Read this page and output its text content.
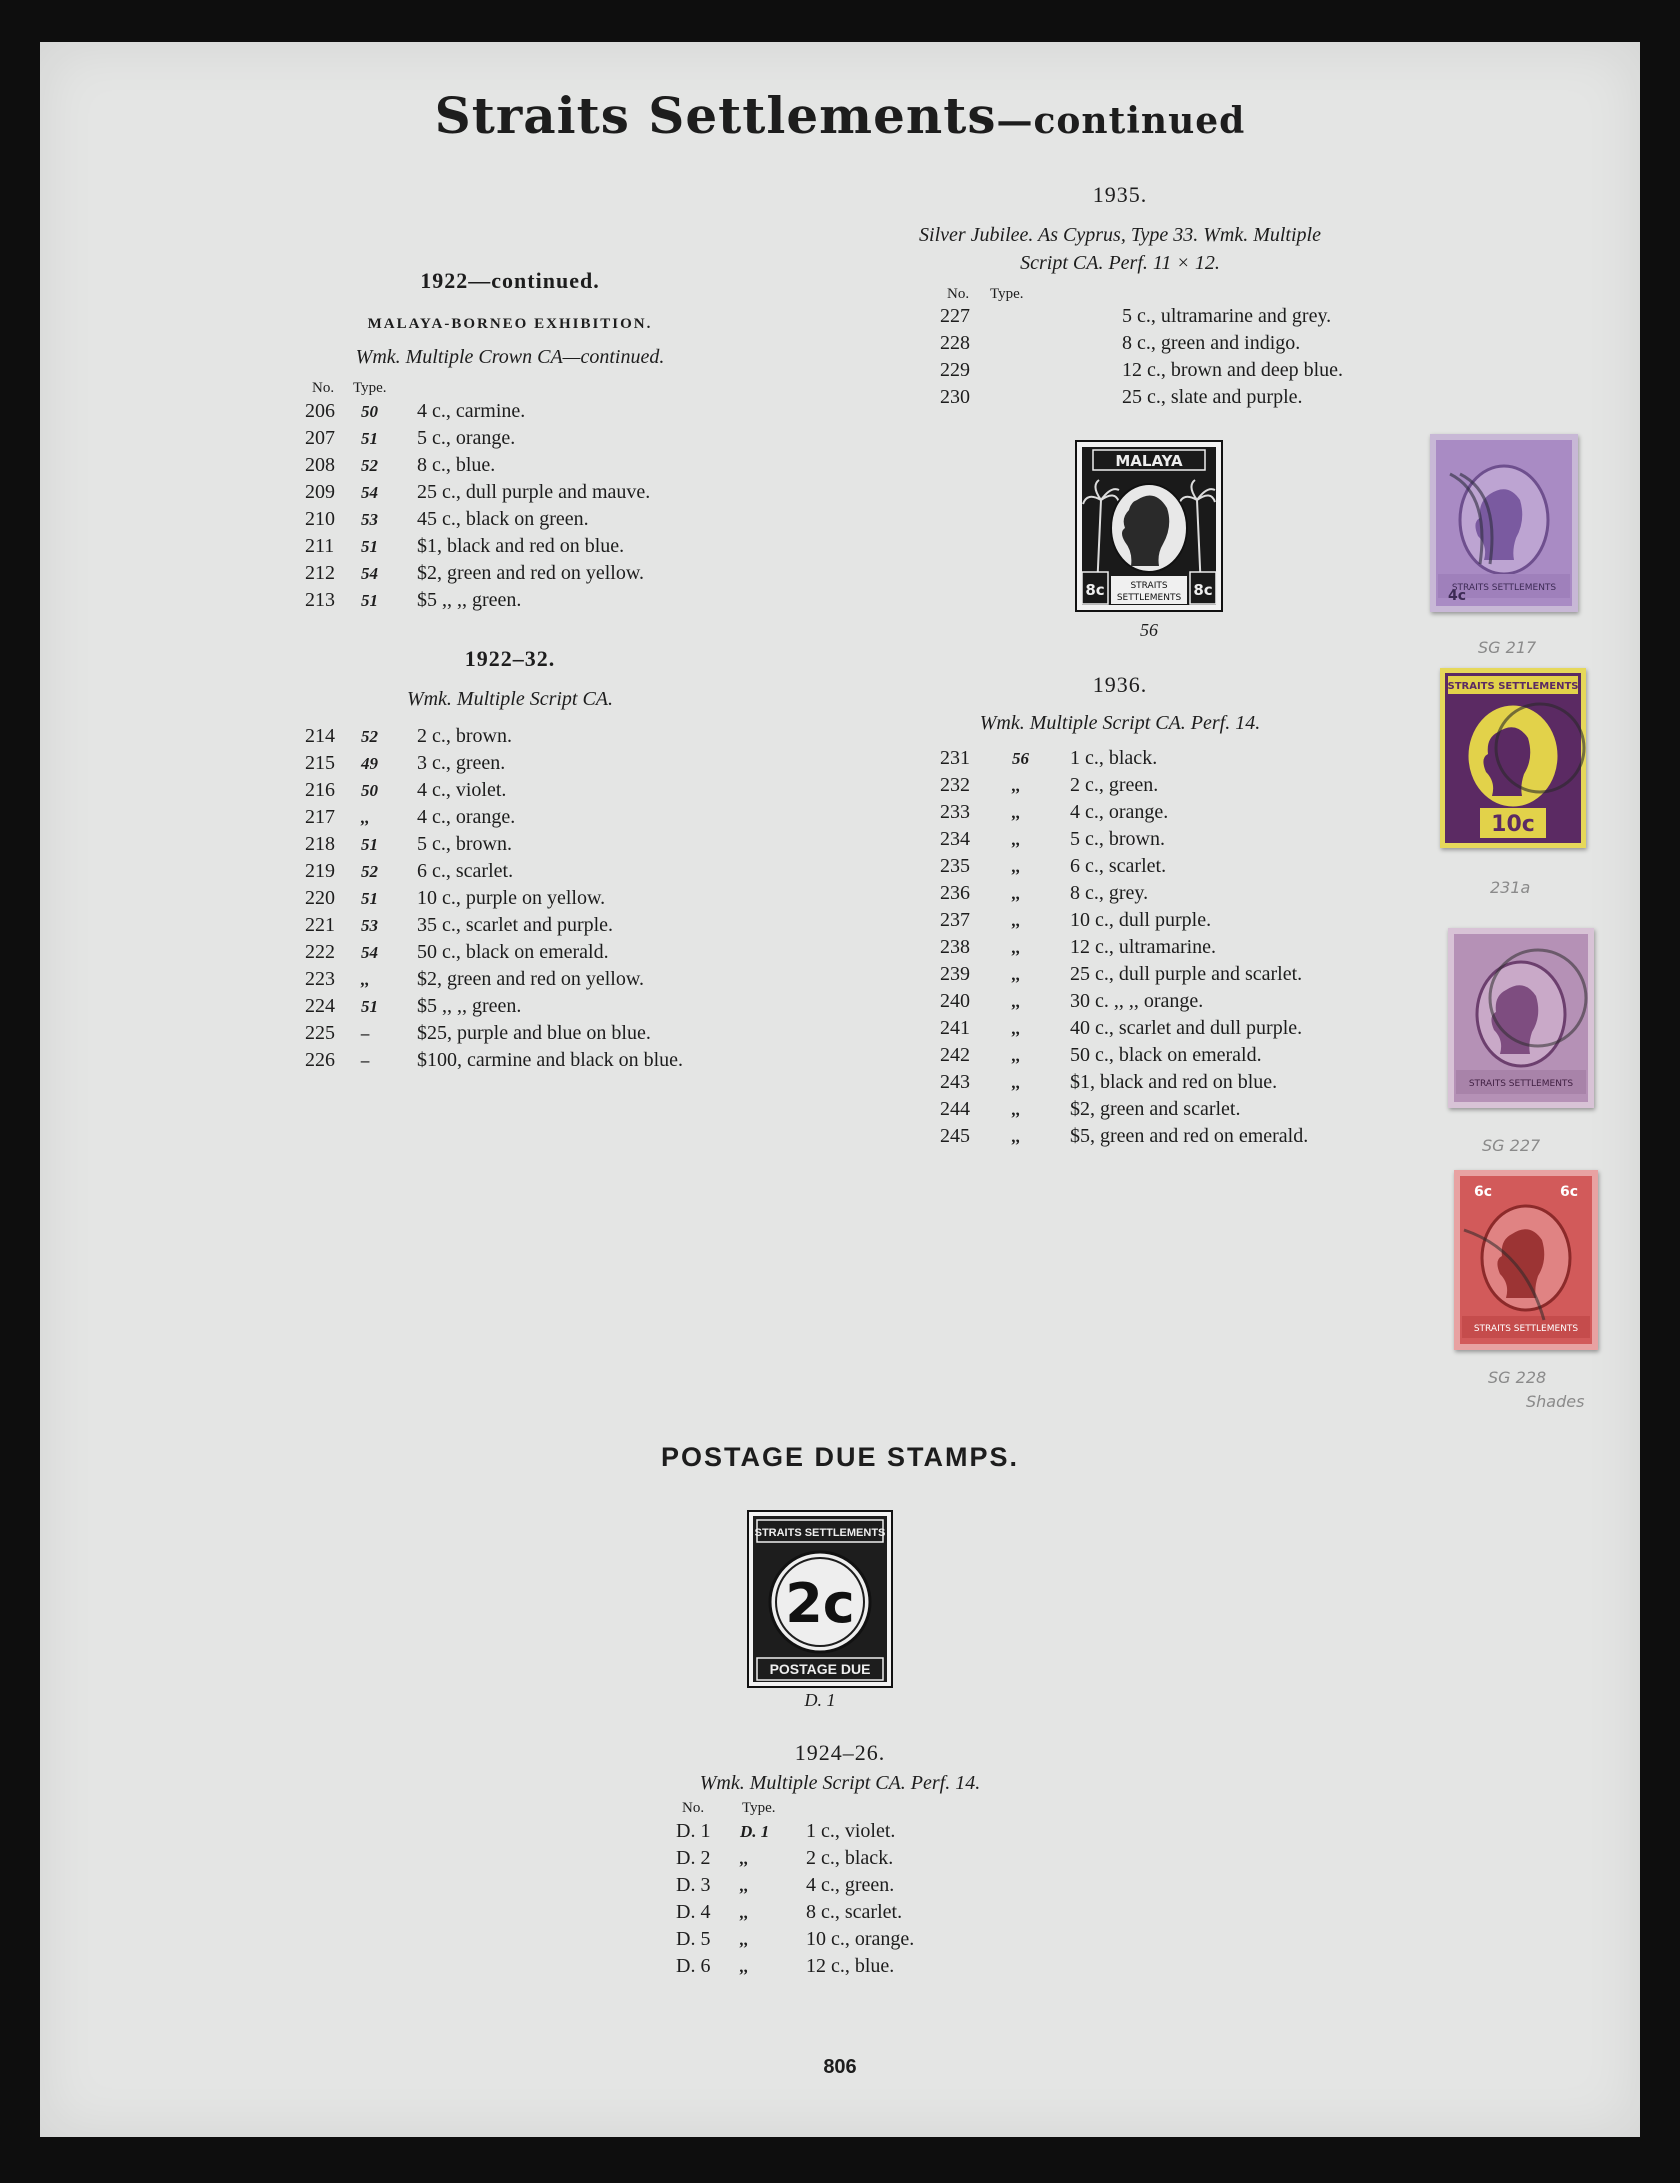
Straits Settlements—continued
1922—continued.
MALAYA-BORNEO EXHIBITION.
Wmk. Multiple Crown CA—continued.
No. Type.
206	50	4 c., carmine.
207	51	5 c., orange.
208	52	8 c., blue.
209	54	25 c., dull purple and mauve.
210	53	45 c., black on green.
211	51	$1, black and red on blue.
212	54	$2, green and red on yellow.
213	51	$5 ,, ,, green.
1922–32.
Wmk. Multiple Script CA.
214	52	2 c., brown.
215	49	3 c., green.
216	50	4 c., violet.
217	,,	4 c., orange.
218	51	5 c., brown.
219	52	6 c., scarlet.
220	51	10 c., purple on yellow.
221	53	35 c., scarlet and purple.
222	54	50 c., black on emerald.
223	,,	$2, green and red on yellow.
224	51	$5 ,, ,, green.
225	–	$25, purple and blue on blue.
226	–	$100, carmine and black on blue.
1935.
Silver Jubilee. As Cyprus, Type 33. Wmk. Multiple
Script CA. Perf. 11 × 12.
No. Type.
227		5 c., ultramarine and grey.
228		8 c., green and indigo.
229		12 c., brown and deep blue.
230		25 c., slate and purple.
MALAYA
8c	8c
STRAITS
SETTLEMENTS
56
1936.
Wmk. Multiple Script CA. Perf. 14.
231	56	1 c., black.
232	,,	2 c., green.
233	,,	4 c., orange.
234	,,	5 c., brown.
235	,,	6 c., scarlet.
236	,,	8 c., grey.
237	,,	10 c., dull purple.
238	,,	12 c., ultramarine.
239	,,	25 c., dull purple and scarlet.
240	,,	30 c. ,, ,, orange.
241	,,	40 c., scarlet and dull purple.
242	,,	50 c., black on emerald.
243	,,	$1, black and red on blue.
244	,,	$2, green and scarlet.
245	,,	$5, green and red on emerald.
STRAITS SETTLEMENTS
4c
SG 217
STRAITS SETTLEMENTS
10c
231a
STRAITS SETTLEMENTS
SG 227
6c	6c
STRAITS SETTLEMENTS
SG 228
Shades
POSTAGE DUE STAMPS.
STRAITS SETTLEMENTS
2c
POSTAGE DUE
D. 1
1924–26.
Wmk. Multiple Script CA. Perf. 14.
No.	Type.
D. 1	D. 1	1 c., violet.
D. 2	,,	2 c., black.
D. 3	,,	4 c., green.
D. 4	,,	8 c., scarlet.
D. 5	,,	10 c., orange.
D. 6	,,	12 c., blue.
806
